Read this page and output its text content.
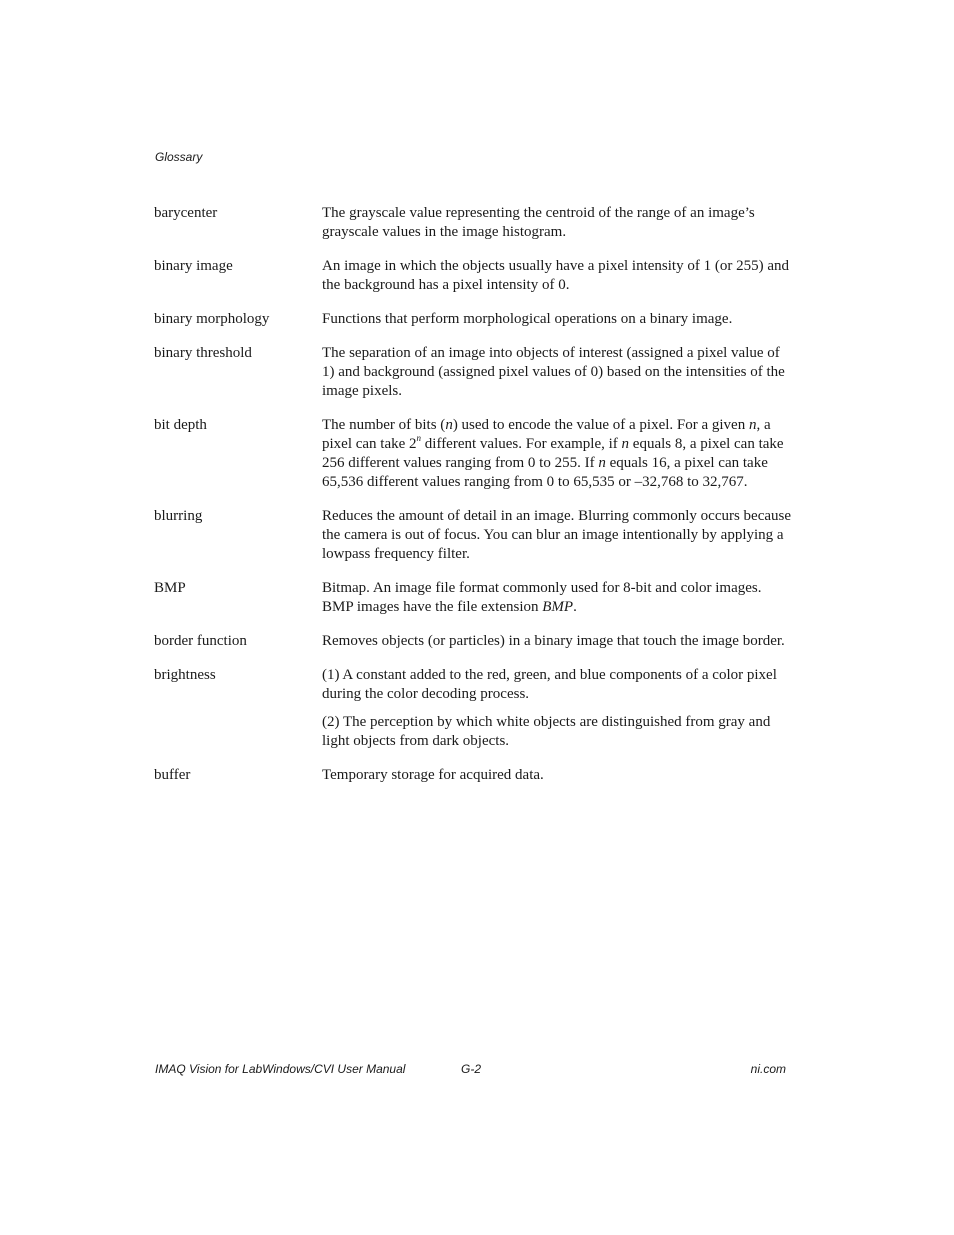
Glossary
barycenter	The grayscale value representing the centroid of the range of an image’s grayscale values in the image histogram.

binary image	An image in which the objects usually have a pixel intensity of 1 (or 255) and the background has a pixel intensity of 0.

binary morphology	Functions that perform morphological operations on a binary image.

binary threshold	The separation of an image into objects of interest (assigned a pixel value of 1) and background (assigned pixel values of 0) based on the intensities of the image pixels.

bit depth	The number of bits (n) used to encode the value of a pixel. For a given n, a pixel can take 2$^n$ different values. For example, if n equals 8, a pixel can take 256 different values ranging from 0 to 255. If n equals 16, a pixel can take 65,536 different values ranging from 0 to 65,535 or –32,768 to 32,767.

blurring	Reduces the amount of detail in an image. Blurring commonly occurs because the camera is out of focus. You can blur an image intentionally by applying a lowpass frequency filter.

BMP	Bitmap. An image file format commonly used for 8-bit and color images. BMP images have the file extension BMP.

border function	Removes objects (or particles) in a binary image that touch the image border.

brightness	(1) A constant added to the red, green, and blue components of a color pixel during the color decoding process.

(2) The perception by which white objects are distinguished from gray and light objects from dark objects.

buffer	Temporary storage for acquired data.

IMAQ Vision for LabWindows/CVI User Manual	G-2	ni.com
